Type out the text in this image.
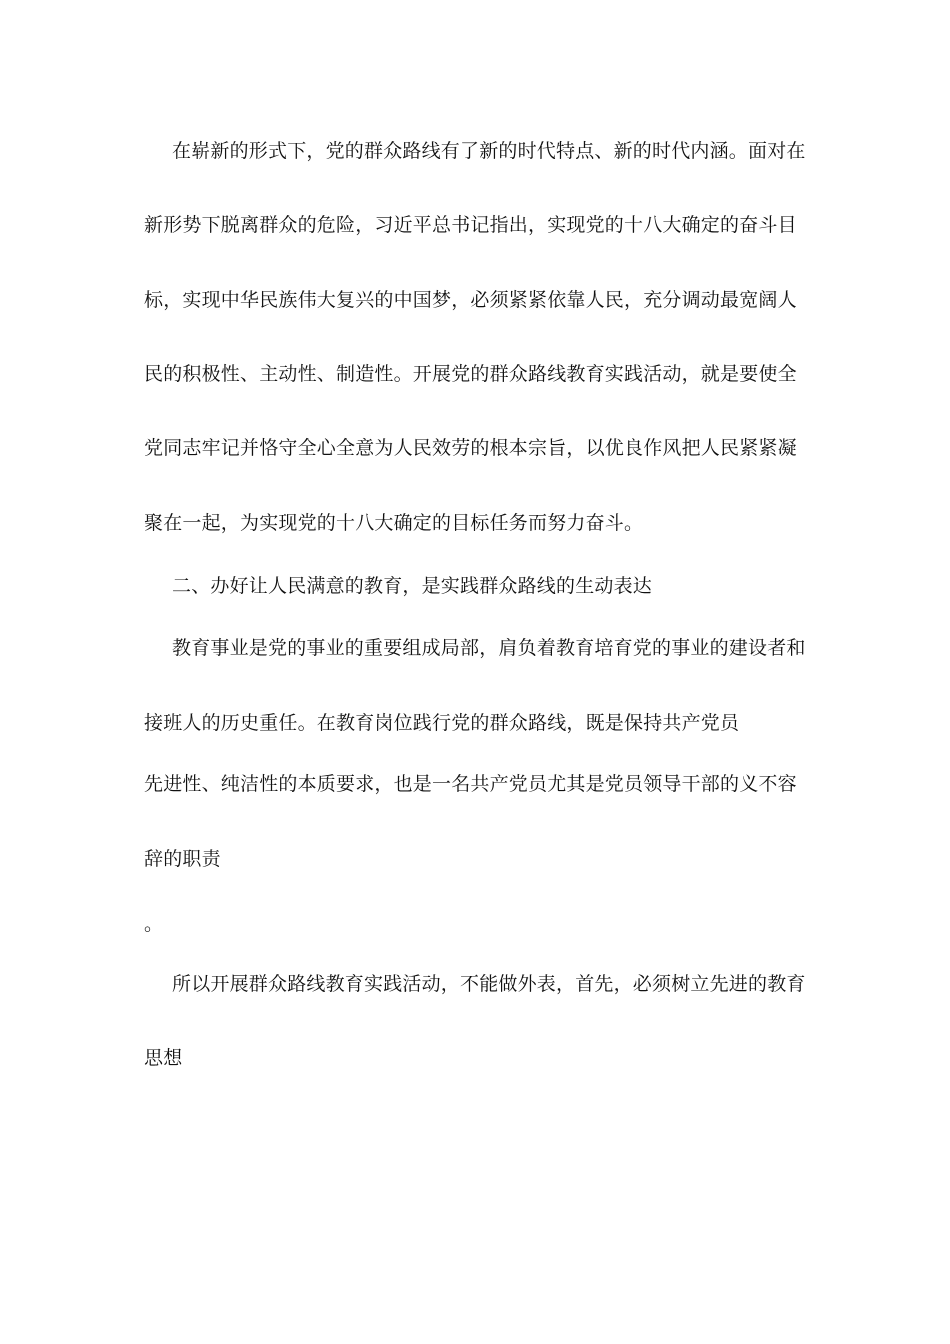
在崭新的形式下，党的群众路线有了新的时代特点、新的时代内涵。面对在
新形势下脱离群众的危险，习近平总书记指出，实现党的十八大确定的奋斗目
标，实现中华民族伟大复兴的中国梦，必须紧紧依靠人民，充分调动最宽阔人
民的积极性、主动性、制造性。开展党的群众路线教育实践活动，就是要使全
党同志牢记并恪守全心全意为人民效劳的根本宗旨，以优良作风把人民紧紧凝
聚在一起，为实现党的十八大确定的目标任务而努力奋斗。
二、办好让人民满意的教育，是实践群众路线的生动表达
教育事业是党的事业的重要组成局部，肩负着教育培育党的事业的建设者和
接班人的历史重任。在教育岗位践行党的群众路线，既是保持共产党员
先进性、纯洁性的本质要求，也是一名共产党员尤其是党员领导干部的义不容
辞的职责
。
所以开展群众路线教育实践活动，不能做外表，首先，必须树立先进的教育
思想
